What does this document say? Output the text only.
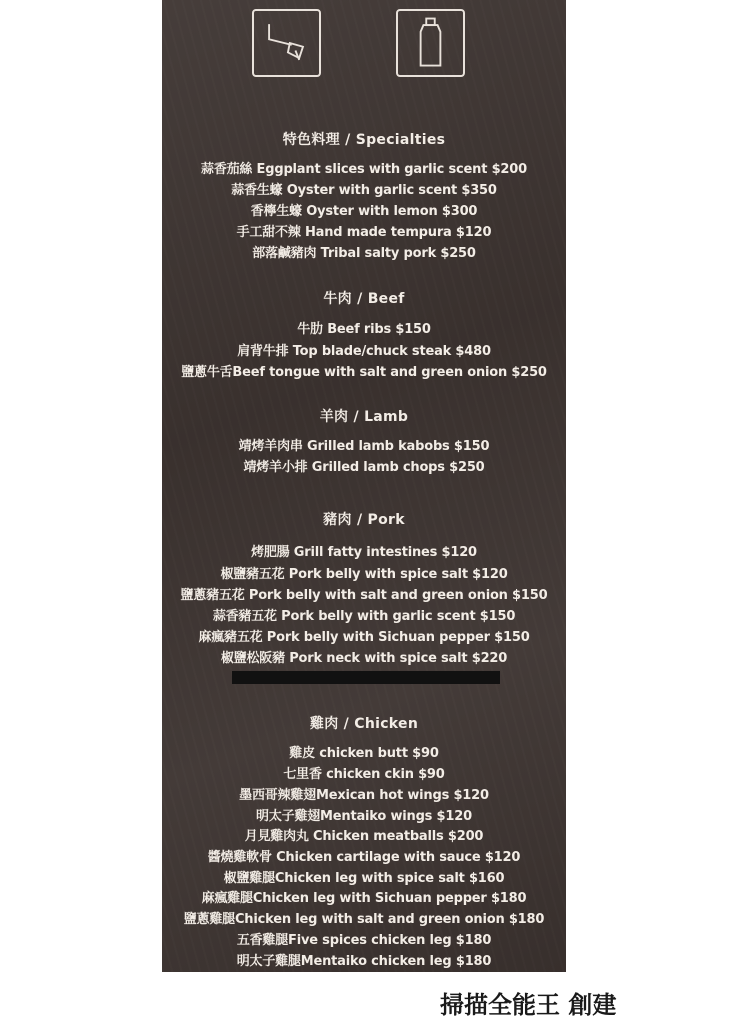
特色料理 / Specialties
蒜香茄絲 Eggplant slices with garlic scent $200
蒜香生蠔 Oyster with garlic scent $350
香檸生蠔 Oyster with lemon $300
手工甜不辣 Hand made tempura $120
部落鹹豬肉 Tribal salty pork $250
牛肉 / Beef
牛肋 Beef ribs $150
肩背牛排 Top blade/chuck steak $480
鹽蔥牛舌Beef tongue with salt and green onion $250
羊肉 / Lamb
靖烤羊肉串 Grilled lamb kabobs $150
靖烤羊小排 Grilled lamb chops $250
豬肉 / Pork
烤肥腸 Grill fatty intestines $120
椒鹽豬五花 Pork belly with spice salt $120
鹽蔥豬五花 Pork belly with salt and green onion $150
蒜香豬五花 Pork belly with garlic scent $150
麻瘋豬五花 Pork belly with Sichuan pepper $150
椒鹽松阪豬 Pork neck with spice salt $220
雞肉 / Chicken
雞皮 chicken butt $90
七里香 chicken ckin $90
墨西哥辣雞翅Mexican hot wings $120
明太子雞翅Mentaiko wings $120
月見雞肉丸 Chicken meatballs $200
醬燒雞軟骨 Chicken cartilage with sauce $120
椒鹽雞腿Chicken leg with spice salt $160
麻瘋雞腿Chicken leg with Sichuan pepper $180
鹽蔥雞腿Chicken leg with salt and green onion $180
五香雞腿Five spices chicken leg $180
明太子雞腿Mentaiko chicken leg $180
掃描全能王 創建
